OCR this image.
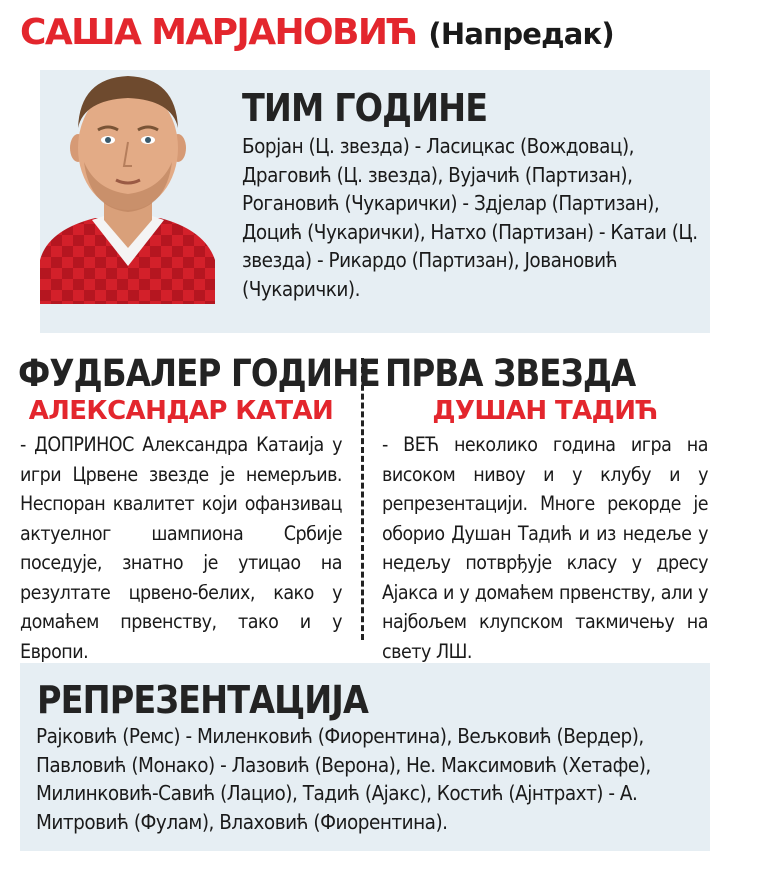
САША МАРЈАНОВИЋ (Напредак)
ТИМ ГОДИНЕ
Борјан (Ц. звезда) - Ласицкас (Вождовац), Драговић (Ц. звезда), Вујачић (Партизан), Рогановић (Чукарички) - Здјелар (Партизан), Доцић (Чукарички), Натхо (Партизан) - Катаи (Ц. звезда) - Рикардо (Партизан), Јовановић (Чукарички).
ФУДБАЛЕР ГОДИНЕ
АЛЕКСАНДАР КАТАИ
- ДОПРИНОС Александра Катаија у игри Црвене звезде је немерљив. Неспоран квалитет који офанзивац актуелног шампиона Србије поседује, знатно је утицао на резултате црвено-белих, како у домаћем првенству, тако и у Европи.
ПРВА ЗВЕЗДА
ДУШАН ТАДИЋ
- ВЕЋ неколико година игра на високом нивоу и у клубу и у репрезентацији. Многе рекорде је оборио Душан Тадић и из недеље у недељу потврђује класу у дресу Ајакса и у домаћем првенству, али у најбољем клупском такмичењу на свету ЛШ.
РЕПРЕЗЕНТАЦИЈА
Рајковић (Ремс) - Миленковић (Фиорентина), Вељковић (Вердер), Павловић (Монако) - Лазовић (Верона), Не. Максимовић (Хетафе), Милинковић-Савић (Лацио), Тадић (Ајакс), Костић (Ајнтрахт) - А. Митровић (Фулам), Влаховић (Фиорентина).
